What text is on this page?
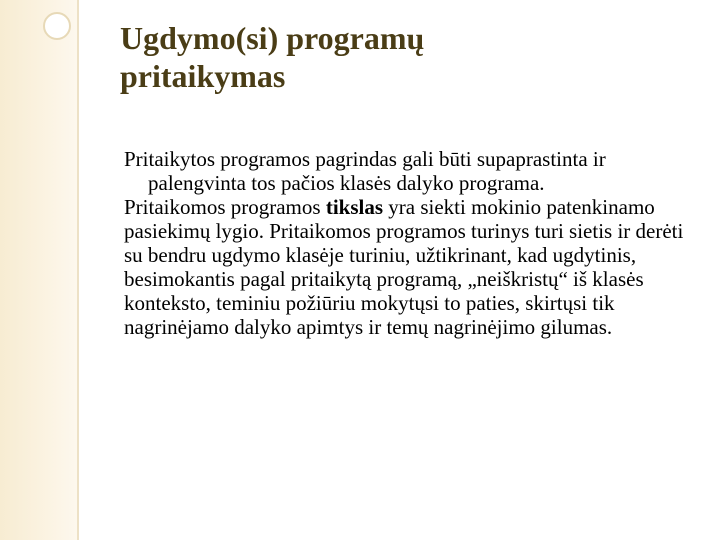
Ugdymo(si) programų
pritaikymas

Pritaikytos programos pagrindas gali būti supaprastinta ir palengvinta tos pačios klasės dalyko programa.

Pritaikomos programos tikslas yra siekti mokinio patenkinamo pasiekimų lygio. Pritaikomos programos turinys turi sietis ir derėti su bendru ugdymo klasėje turiniu, užtikrinant, kad ugdytinis, besimokantis pagal pritaikytą programą, „neiškristų“ iš klasės konteksto, teminiu požiūriu mokytųsi to paties, skirtųsi tik nagrinėjamo dalyko apimtys ir temų nagrinėjimo gilumas.
